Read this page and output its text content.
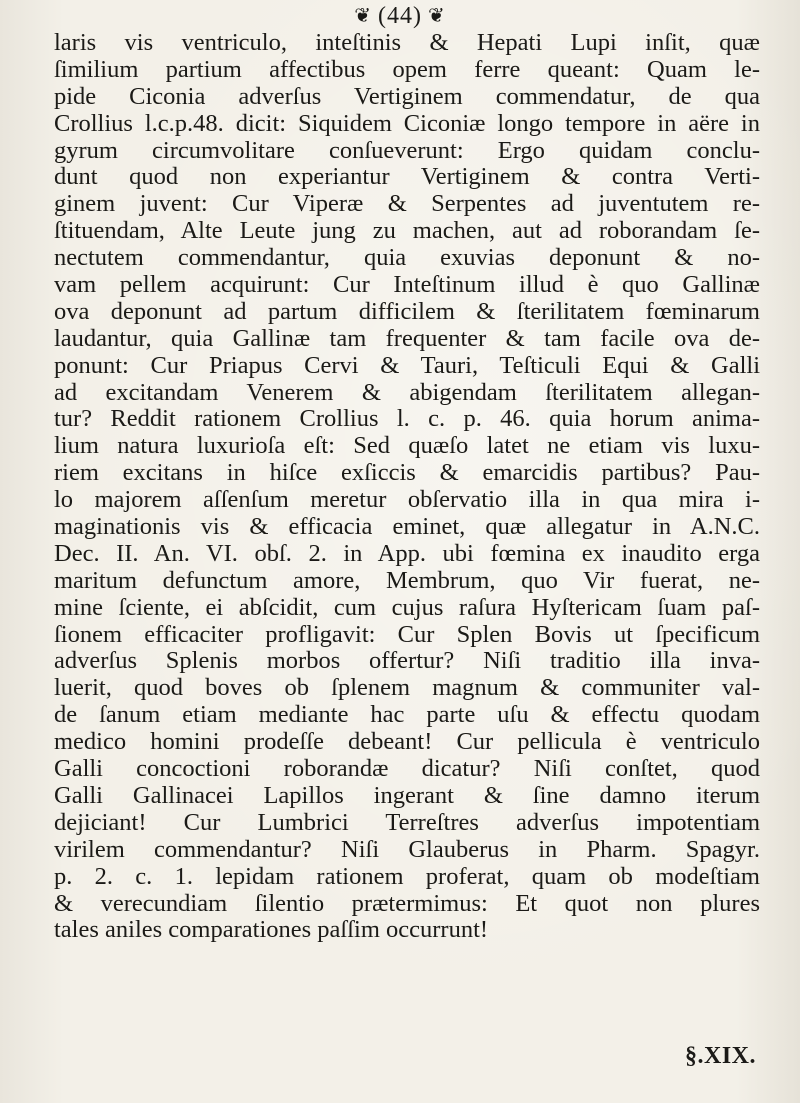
❦ (44) ❦
laris vis ventriculo, inteſtinis & Hepati Lupi inſit, quæ
ſimilium partium affectibus opem ferre queant: Quam le-
pide Ciconia adverſus Vertiginem commendatur, de qua
Crollius l.c.p.48. dicit: Siquidem Ciconiæ longo tempore in aëre in
gyrum circumvolitare conſueverunt: Ergo quidam conclu-
dunt quod non experiantur Vertiginem & contra Verti-
ginem juvent: Cur Viperæ & Serpentes ad juventutem re-
ſtituendam, Alte Leute jung zu machen, aut ad roborandam ſe-
nectutem commendantur, quia exuvias deponunt & no-
vam pellem acquirunt: Cur Inteſtinum illud è quo Gallinæ
ova deponunt ad partum difficilem & ſterilitatem fœminarum
laudantur, quia Gallinæ tam frequenter & tam facile ova de-
ponunt: Cur Priapus Cervi & Tauri, Teſticuli Equi & Galli
ad excitandam Venerem & abigendam ſterilitatem allegan-
tur? Reddit rationem Crollius l. c. p. 46. quia horum anima-
lium natura luxurioſa eſt: Sed quæſo latet ne etiam vis luxu-
riem excitans in hiſce exſiccis & emarcidis partibus? Pau-
lo majorem aſſenſum meretur obſervatio illa in qua mira i-
maginationis vis & efficacia eminet, quæ allegatur in A.N.C.
Dec. II. An. VI. obſ. 2. in App. ubi fœmina ex inaudito erga
maritum defunctum amore, Membrum, quo Vir fuerat, ne-
mine ſciente, ei abſcidit, cum cujus raſura Hyſtericam ſuam paſ-
ſionem efficaciter profligavit: Cur Splen Bovis ut ſpecificum
adverſus Splenis morbos offertur? Niſi traditio illa inva-
luerit, quod boves ob ſplenem magnum & communiter val-
de ſanum etiam mediante hac parte uſu & effectu quodam
medico homini prodeſſe debeant! Cur pellicula è ventriculo
Galli concoctioni roborandæ dicatur? Niſi conſtet, quod
Galli Gallinacei Lapillos ingerant & ſine damno iterum
dejiciant! Cur Lumbrici Terreſtres adverſus impotentiam
virilem commendantur? Niſi Glauberus in Pharm. Spagyr.
p. 2. c. 1. lepidam rationem proferat, quam ob modeſtiam
& verecundiam ſilentio prætermimus: Et quot non plures
tales aniles comparationes paſſim occurrunt!
§.XIX.
